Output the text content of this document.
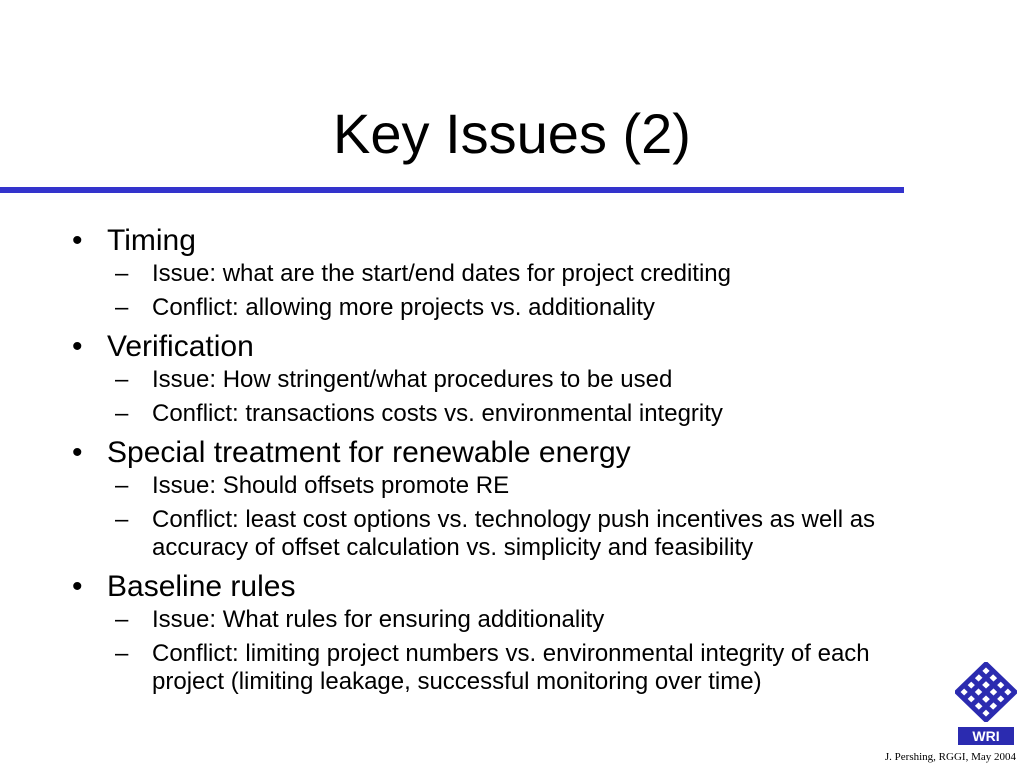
Key Issues (2)
• Timing
– Issue: what are the start/end dates for project crediting
– Conflict: allowing more projects vs. additionality
• Verification
– Issue: How stringent/what procedures to be used
– Conflict: transactions costs vs. environmental integrity
• Special treatment for renewable energy
– Issue: Should offsets promote RE
– Conflict: least cost options vs. technology push incentives as well as accuracy of offset calculation vs. simplicity and feasibility
• Baseline rules
– Issue: What rules for ensuring additionality
– Conflict: limiting project numbers vs. environmental integrity of each project (limiting leakage, successful monitoring over time)
WRI
J. Pershing, RGGI, May 2004
